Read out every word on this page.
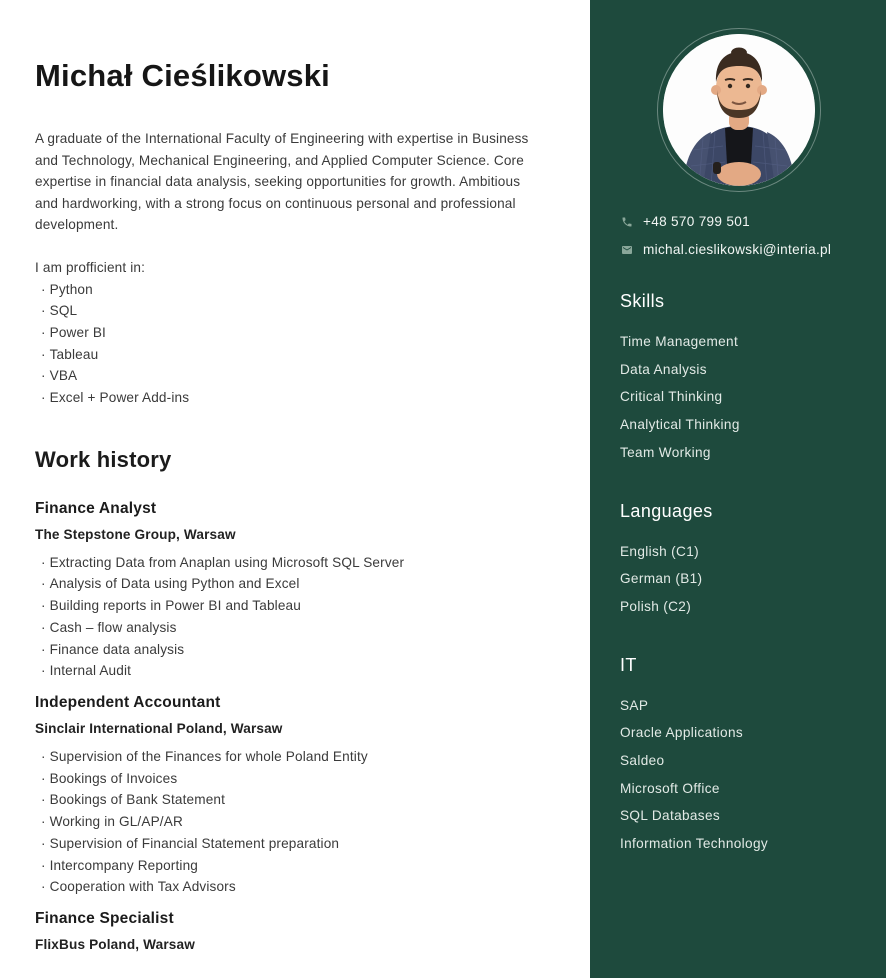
Michał Cieślikowski

A graduate of the International Faculty of Engineering with expertise in Business and Technology, Mechanical Engineering, and Applied Computer Science. Core expertise in financial data analysis, seeking opportunities for growth. Ambitious and hardworking, with a strong focus on continuous personal and professional development.

I am profficient in:

· Python
· SQL
· Power BI
· Tableau
· VBA
· Excel + Power Add-ins
Work history
Finance Analyst
The Stepstone Group, Warsaw
· Extracting Data from Anaplan using Microsoft SQL Server
· Analysis of Data using Python and Excel
· Building reports in Power BI and Tableau
· Cash – flow analysis
· Finance data analysis
· Internal Audit
Independent Accountant
Sinclair International Poland, Warsaw
· Supervision of the Finances for whole Poland Entity
· Bookings of Invoices
· Bookings of Bank Statement
· Working in GL/AP/AR
· Supervision of Financial Statement preparation
· Intercompany Reporting
· Cooperation with Tax Advisors
Finance Specialist
FlixBus Poland, Warsaw
+48 570 799 501
michal.cieslikowski@interia.pl
Skills
Time Management
Data Analysis
Critical Thinking
Analytical Thinking
Team Working
Languages
English (C1)
German (B1)
Polish (C2)
IT
SAP
Oracle Applications
Saldeo
Microsoft Office
SQL Databases
Information Technology
